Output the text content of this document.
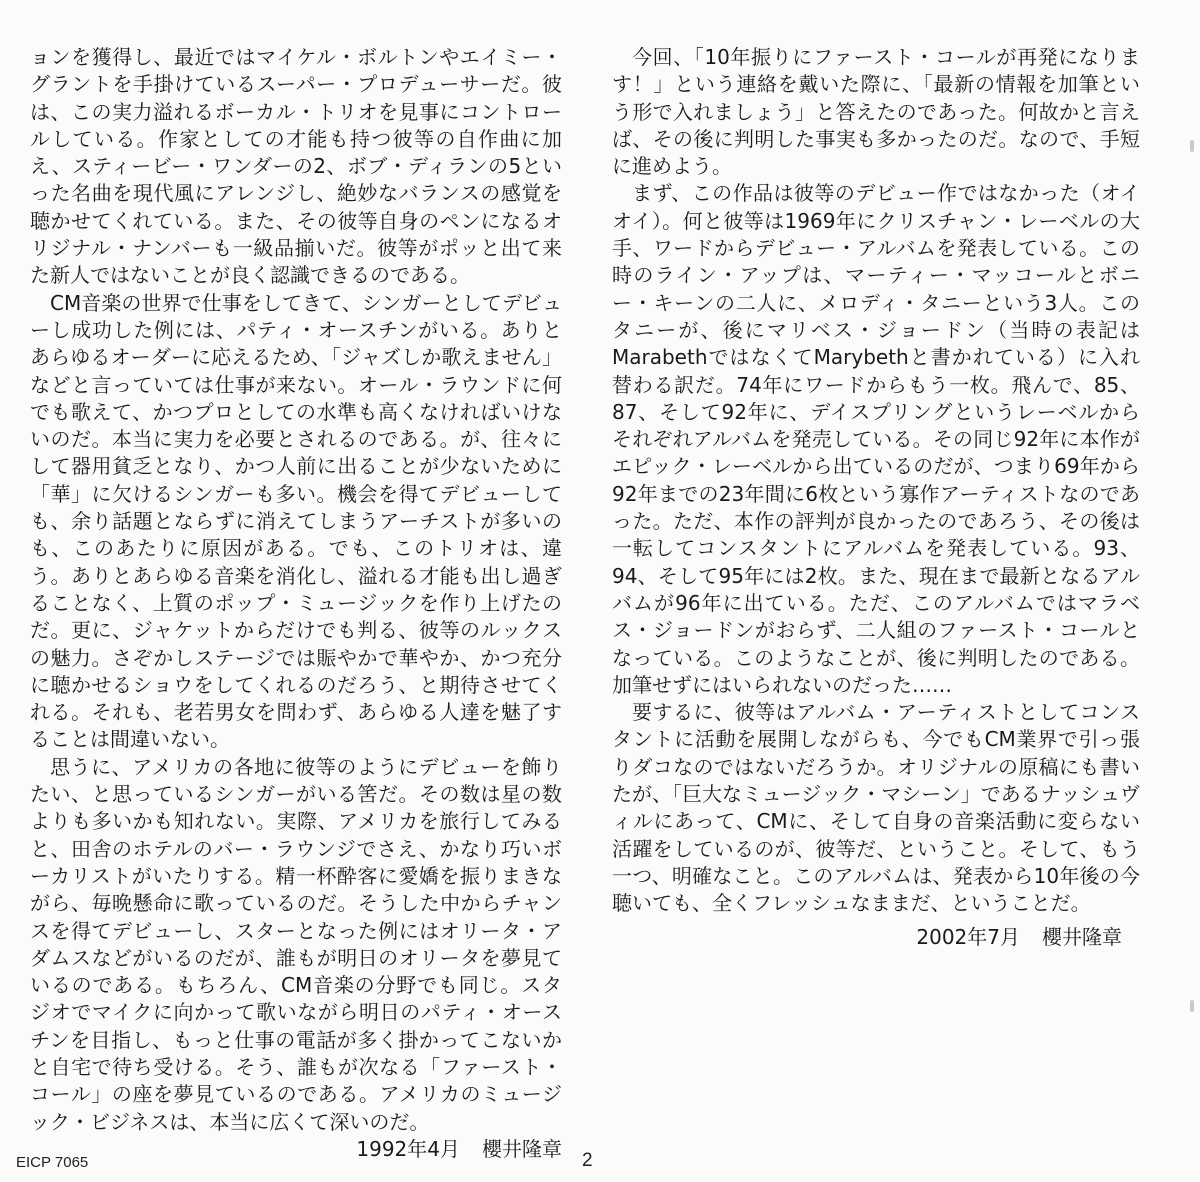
ョンを獲得し、最近ではマイケル・ボルトンやエイミー・グラントを手掛けているスーパー・プロデューサーだ。彼は、この実力溢れるボーカル・トリオを見事にコントロールしている。作家としての才能も持つ彼等の自作曲に加え、スティービー・ワンダーの2、ボブ・ディランの5といった名曲を現代風にアレンジし、絶妙なバランスの感覚を聴かせてくれている。また、その彼等自身のペンになるオリジナル・ナンバーも一級品揃いだ。彼等がポッと出て来た新人ではないことが良く認識できるのである。

CM音楽の世界で仕事をしてきて、シンガーとしてデビューし成功した例には、パティ・オースチンがいる。ありとあらゆるオーダーに応えるため、「ジャズしか歌えません」などと言っていては仕事が来ない。オール・ラウンドに何でも歌えて、かつプロとしての水準も高くなければいけないのだ。本当に実力を必要とされるのである。が、往々にして器用貧乏となり、かつ人前に出ることが少ないために「華」に欠けるシンガーも多い。機会を得てデビューしても、余り話題とならずに消えてしまうアーチストが多いのも、このあたりに原因がある。でも、このトリオは、違う。ありとあらゆる音楽を消化し、溢れる才能も出し過ぎることなく、上質のポップ・ミュージックを作り上げたのだ。更に、ジャケットからだけでも判る、彼等のルックスの魅力。さぞかしステージでは賑やかで華やか、かつ充分に聴かせるショウをしてくれるのだろう、と期待させてくれる。それも、老若男女を問わず、あらゆる人達を魅了することは間違いない。

思うに、アメリカの各地に彼等のようにデビューを飾りたい、と思っているシンガーがいる筈だ。その数は星の数よりも多いかも知れない。実際、アメリカを旅行してみると、田舎のホテルのバー・ラウンジでさえ、かなり巧いボーカリストがいたりする。精一杯酔客に愛嬌を振りまきながら、毎晩懸命に歌っているのだ。そうした中からチャンスを得てデビューし、スターとなった例にはオリータ・アダムスなどがいるのだが、誰もが明日のオリータを夢見ているのである。もちろん、CM音楽の分野でも同じ。スタジオでマイクに向かって歌いながら明日のパティ・オースチンを目指し、もっと仕事の電話が多く掛かってこないかと自宅で待ち受ける。そう、誰もが次なる「ファースト・コール」の座を夢見ているのである。アメリカのミュージック・ビジネスは、本当に広くて深いのだ。

1992年4月 櫻井隆章

今回、「10年振りにファースト・コールが再発になります！」という連絡を戴いた際に、「最新の情報を加筆という形で入れましょう」と答えたのであった。何故かと言えば、その後に判明した事実も多かったのだ。なので、手短に進めよう。

まず、この作品は彼等のデビュー作ではなかった（オイオイ）。何と彼等は1969年にクリスチャン・レーベルの大手、ワードからデビュー・アルバムを発表している。この時のライン・アップは、マーティー・マッコールとボニー・キーンの二人に、メロディ・タニーという3人。このタニーが、後にマリベス・ジョードン（当時の表記はMarabethではなくてMarybethと書かれている）に入れ替わる訳だ。74年にワードからもう一枚。飛んで、85、87、そして92年に、デイスプリングというレーベルからそれぞれアルバムを発売している。その同じ92年に本作がエピック・レーベルから出ているのだが、つまり69年から92年までの23年間に6枚という寡作アーティストなのであった。ただ、本作の評判が良かったのであろう、その後は一転してコンスタントにアルバムを発表している。93、94、そして95年には2枚。また、現在まで最新となるアルバムが96年に出ている。ただ、このアルバムではマラベス・ジョードンがおらず、二人組のファースト・コールとなっている。このようなことが、後に判明したのである。加筆せずにはいられないのだった……

要するに、彼等はアルバム・アーティストとしてコンスタントに活動を展開しながらも、今でもCM業界で引っ張りダコなのではないだろうか。オリジナルの原稿にも書いたが、「巨大なミュージック・マシーン」であるナッシュヴィルにあって、CMに、そして自身の音楽活動に変らない活躍をしているのが、彼等だ、ということ。そして、もう一つ、明確なこと。このアルバムは、発表から10年後の今聴いても、全くフレッシュなままだ、ということだ。

2002年7月 櫻井隆章

EICP 7065	2
